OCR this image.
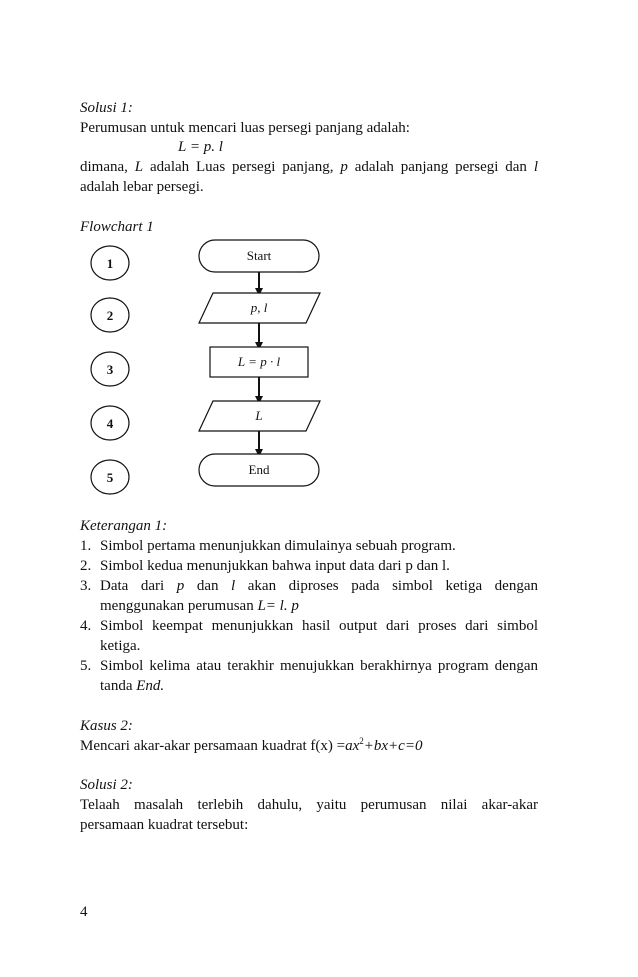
Solusi 1:
Perumusan untuk mencari luas persegi panjang adalah:
L = p. l
dimana, L adalah Luas persegi panjang, p adalah panjang persegi dan l
adalah lebar persegi.
Flowchart 1
1
Start
2
p, l
3
L = p · l
4
L
5
End
Keterangan 1:
1. Simbol pertama menunjukkan dimulainya sebuah program.
2. Simbol kedua menunjukkan bahwa input data dari p dan l.
3. Data dari p dan l akan diproses pada simbol ketiga dengan
menggunakan perumusan L= l. p
4. Simbol keempat menunjukkan hasil output dari proses dari simbol
ketiga.
5. Simbol kelima atau terakhir menujukkan berakhirnya program dengan
tanda End.
Kasus 2:
Mencari akar-akar persamaan kuadrat $f(x) =ax^2+bx+c=0$
Solusi 2:
Telaah masalah terlebih dahulu, yaitu perumusan nilai akar-akar
persamaan kuadrat tersebut:
4
